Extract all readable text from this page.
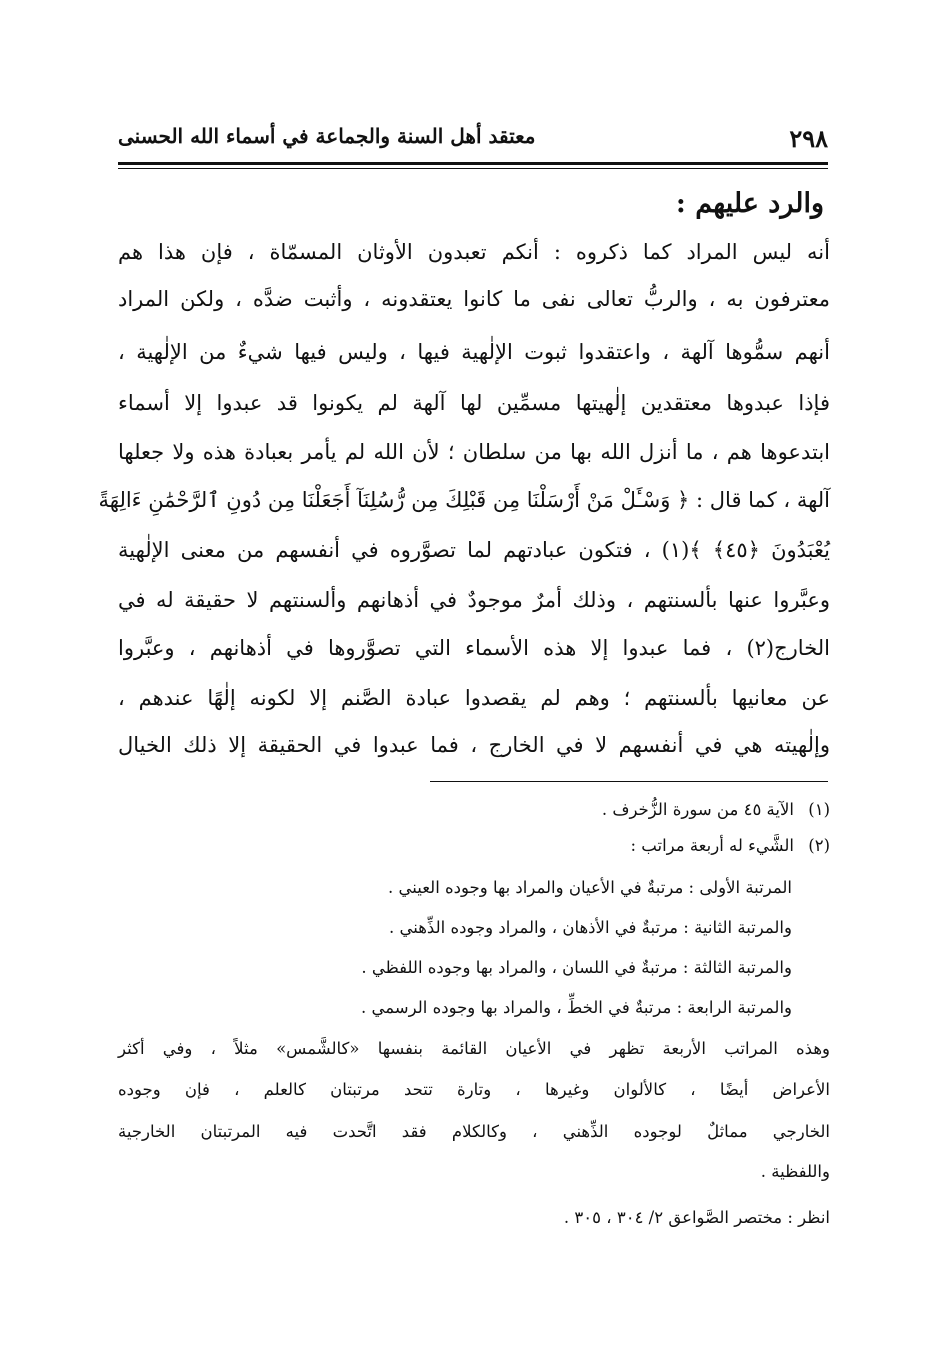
٢٩٨
معتقد أهل السنة والجماعة في أسماء الله الحسنى
والرد عليهم :
أنه ليس المراد كما ذكروه : أنكم تعبدون الأوثان المسمّاة ، فإن هذا هم
معترفون به ، والربُّ تعالى نفى ما كانوا يعتقدونه ، وأثبت ضدَّه ، ولكن المراد
أنهم سمُّوها آلهة ، واعتقدوا ثبوت الإلٰهية فيها ، وليس فيها شيءٌ من الإلٰهية ،
فإذا عبدوها معتقدين إلٰهيتها مسمِّين لها آلهة لم يكونوا قد عبدوا إلا أسماء
ابتدعوها هم ، ما أنزل الله بها من سلطان ؛ لأن الله لم يأمر بعبادة هذه ولا جعلها
آلهة ، كما قال : ﴿ وَسْـَٔلْ مَنْ أَرْسَلْنَا مِن قَبْلِكَ مِن رُّسُلِنَآ أَجَعَلْنَا مِن دُونِ ٱلرَّحْمَٰنِ ءَالِهَةً
يُعْبَدُونَ ﴿٤٥﴾ ﴾(١) ، فتكون عبادتهم لما تصوَّروه في أنفسهم من معنى الإلٰهية
وعبَّروا عنها بألسنتهم ، وذلك أمرٌ موجودٌ في أذهانهم وألسنتهم لا حقيقة له في
الخارج(٢) ، فما عبدوا إلا هذه الأسماء التي تصوَّروها في أذهانهم ، وعبَّروا
عن معانيها بألسنتهم ؛ وهم لم يقصدوا عبادة الصَّنم إلا لكونه إلٰهًا عندهم ،
وإلٰهيته هي في أنفسهم لا في الخارج ، فما عبدوا في الحقيقة إلا ذلك الخيال
(١)الآية ٤٥ من سورة الزُّخرف .
(٢)الشَّيء له أربعة مراتب :
المرتبة الأولى : مرتبةٌ في الأعيان والمراد بها وجوده العيني .
والمرتبة الثانية : مرتبةٌ في الأذهان ، والمراد وجوده الذِّهني .
والمرتبة الثالثة : مرتبةٌ في اللسان ، والمراد بها وجوده اللفظي .
والمرتبة الرابعة : مرتبةٌ في الخطِّ ، والمراد بها وجوده الرسمي .
وهذه المراتب الأربعة تظهر في الأعيان القائمة بنفسها «كالشَّمس» مثلاً ، وفي أكثر
الأعراض أيضًا ، كالألوان وغيرها ، وتارة تتحد مرتبتان كالعلم ، فإن وجوده
الخارجي مماثلٌ لوجوده الذِّهني ، وكالكلام فقد اتَّحدت فيه المرتبتان الخارجية
واللفظية .
انظر : مختصر الصَّواعق ٢/ ٣٠٤ ، ٣٠٥ .
